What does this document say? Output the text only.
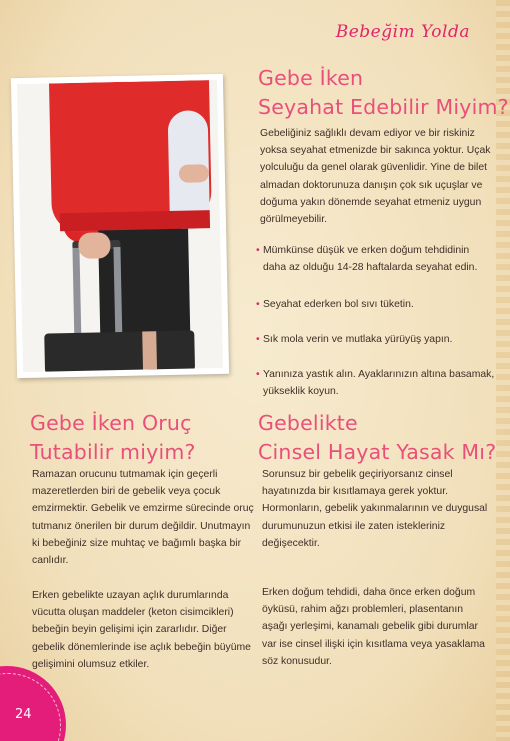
Bebeğim Yolda
Gebe İken
Seyahat Edebilir Miyim?

Gebeliğiniz sağlıklı devam ediyor ve bir riskiniz
yoksa seyahat etmenizde bir sakınca yoktur. Uçak
yolculuğu da genel olarak güvenlidir. Yine de bilet
almadan doktorunuza danışın çok sık uçuşlar ve
doğuma yakın dönemde seyahat etmeniz uygun
görülmeyebilir.

• Mümkünse düşük ve erken doğum tehdidinin
daha az olduğu 14-28 haftalarda seyahat edin.
• Seyahat ederken bol sıvı tüketin.
• Sık mola verin ve mutlaka yürüyüş yapın.
• Yanınıza yastık alın. Ayaklarınızın altına basamak,
yükseklik koyun.
Gebe İken Oruç
Tutabilir miyim?

Ramazan orucunu tutmamak için geçerli
mazeretlerden biri de gebelik veya çocuk
emzirmektir. Gebelik ve emzirme sürecinde oruç
tutmanız önerilen bir durum değildir. Unutmayın
ki bebeğiniz size muhtaç ve bağımlı başka bir
canlıdır.

Erken gebelikte uzayan açlık durumlarında
vücutta oluşan maddeler (keton cisimcikleri)
bebeğin beyin gelişimi için zararlıdır. Diğer
gebelik dönemlerinde ise açlık bebeğin büyüme
gelişimini olumsuz etkiler.

Gebelikte
Cinsel Hayat Yasak Mı?

Sorunsuz bir gebelik geçiriyorsanız cinsel
hayatınızda bir kısıtlamaya gerek yoktur.
Hormonların, gebelik yakınmalarının ve duygusal
durumunuzun etkisi ile zaten istekleriniz
değişecektir.

Erken doğum tehdidi, daha önce erken doğum
öyküsü, rahim ağzı problemleri, plasentanın
aşağı yerleşimi, kanamalı gebelik gibi durumlar
var ise cinsel ilişki için kısıtlama veya yasaklama
söz konusudur.

24
